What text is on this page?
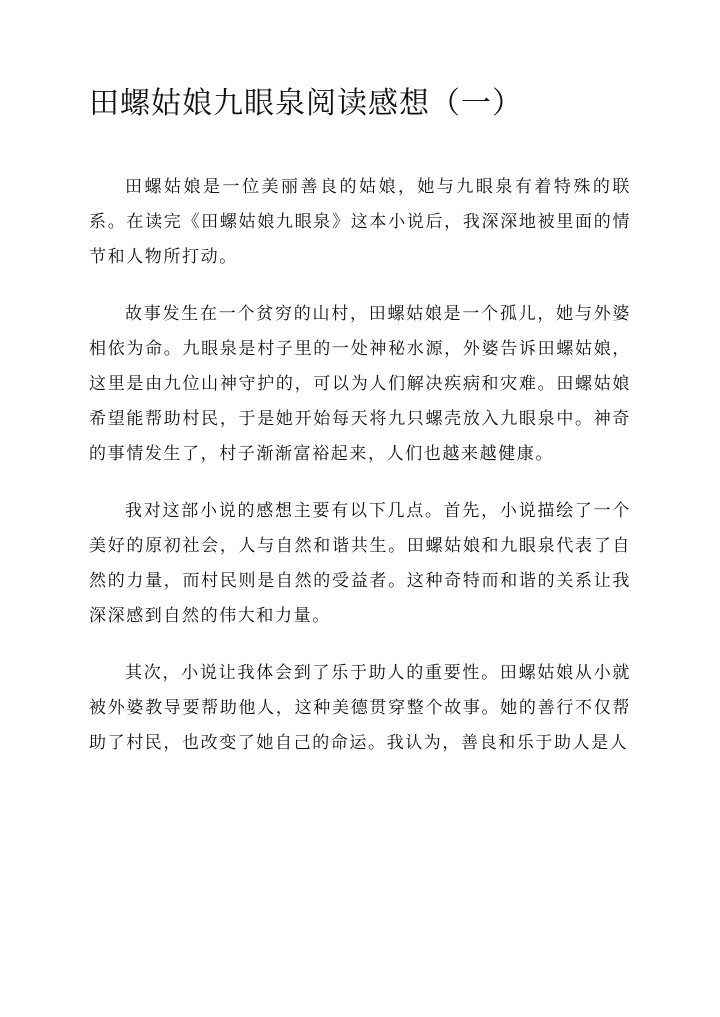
田螺姑娘九眼泉阅读感想（一）

田螺姑娘是一位美丽善良的姑娘，她与九眼泉有着特殊的联系。在读完《田螺姑娘九眼泉》这本小说后，我深深地被里面的情节和人物所打动。

故事发生在一个贫穷的山村，田螺姑娘是一个孤儿，她与外婆相依为命。九眼泉是村子里的一处神秘水源，外婆告诉田螺姑娘，这里是由九位山神守护的，可以为人们解决疾病和灾难。田螺姑娘希望能帮助村民，于是她开始每天将九只螺壳放入九眼泉中。神奇的事情发生了，村子渐渐富裕起来，人们也越来越健康。

我对这部小说的感想主要有以下几点。首先，小说描绘了一个美好的原初社会，人与自然和谐共生。田螺姑娘和九眼泉代表了自然的力量，而村民则是自然的受益者。这种奇特而和谐的关系让我深深感到自然的伟大和力量。

其次，小说让我体会到了乐于助人的重要性。田螺姑娘从小就被外婆教导要帮助他人，这种美德贯穿整个故事。她的善行不仅帮助了村民，也改变了她自己的命运。我认为，善良和乐于助人是人
